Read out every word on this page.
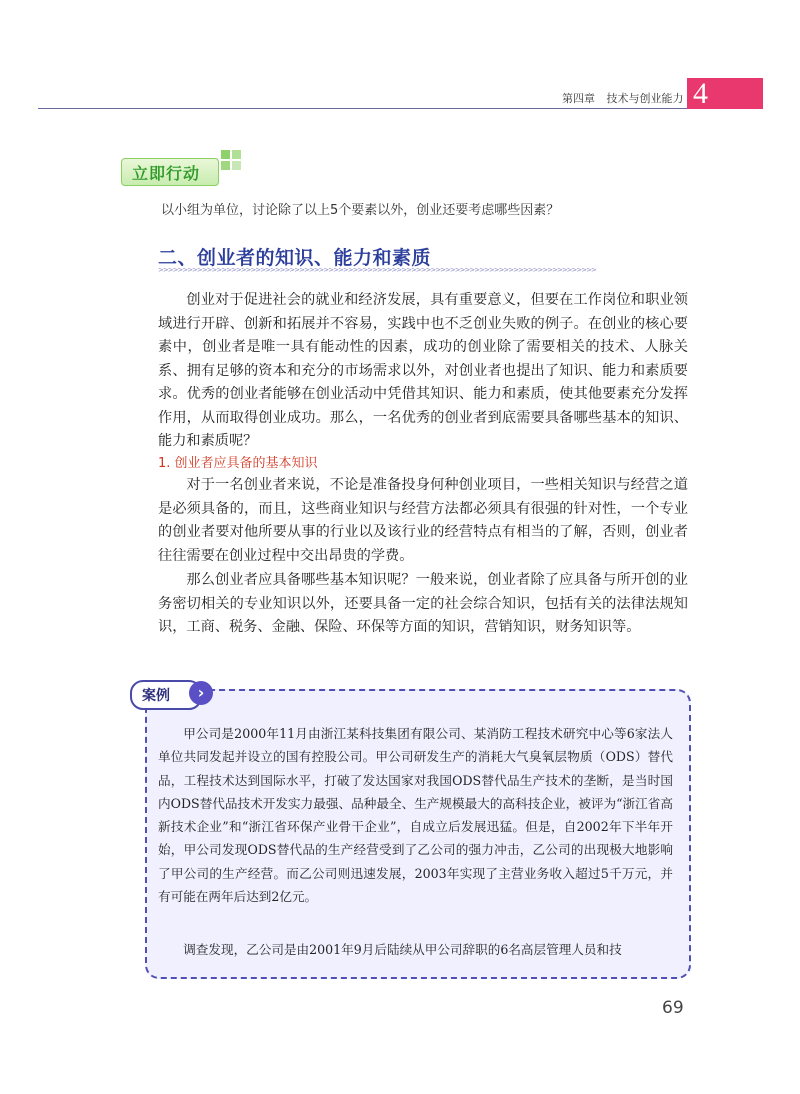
第四章 技术与创业能力 4
立即行动
以小组为单位，讨论除了以上5个要素以外，创业还要考虑哪些因素？
二、创业者的知识、能力和素质
>>>>>>>>>>>>>>>>>>>>>>>>>>>>>>>>>>>>>>>>>>>>>>>>>>>>>>>>>>>>>>>>>>>>>>>>>>>>>>>>>>>>>>>>>>

创业对于促进社会的就业和经济发展，具有重要意义，但要在工作岗位和职业领域进行开辟、创新和拓展并不容易，实践中也不乏创业失败的例子。在创业的核心要素中，创业者是唯一具有能动性的因素，成功的创业除了需要相关的技术、人脉关系、拥有足够的资本和充分的市场需求以外，对创业者也提出了知识、能力和素质要求。优秀的创业者能够在创业活动中凭借其知识、能力和素质，使其他要素充分发挥作用，从而取得创业成功。那么，一名优秀的创业者到底需要具备哪些基本的知识、能力和素质呢？

1. 创业者应具备的基本知识

对于一名创业者来说，不论是准备投身何种创业项目，一些相关知识与经营之道是必须具备的，而且，这些商业知识与经营方法都必须具有很强的针对性，一个专业的创业者要对他所要从事的行业以及该行业的经营特点有相当的了解，否则，创业者往往需要在创业过程中交出昂贵的学费。

那么创业者应具备哪些基本知识呢？一般来说，创业者除了应具备与所开创的业务密切相关的专业知识以外，还要具备一定的社会综合知识，包括有关的法律法规知识，工商、税务、金融、保险、环保等方面的知识，营销知识，财务知识等。

案例	›

甲公司是2000年11月由浙江某科技集团有限公司、某消防工程技术研究中心等6家法人单位共同发起并设立的国有控股公司。甲公司研发生产的消耗大气臭氧层物质（ODS）替代品，工程技术达到国际水平，打破了发达国家对我国ODS替代品生产技术的垄断，是当时国内ODS替代品技术开发实力最强、品种最全、生产规模最大的高科技企业，被评为“浙江省高新技术企业”和“浙江省环保产业骨干企业”，自成立后发展迅猛。但是，自2002年下半年开始，甲公司发现ODS替代品的生产经营受到了乙公司的强力冲击，乙公司的出现极大地影响了甲公司的生产经营。而乙公司则迅速发展，2003年实现了主营业务收入超过5千万元，并有可能在两年后达到2亿元。

调查发现，乙公司是由2001年9月后陆续从甲公司辞职的6名高层管理人员和技

69
